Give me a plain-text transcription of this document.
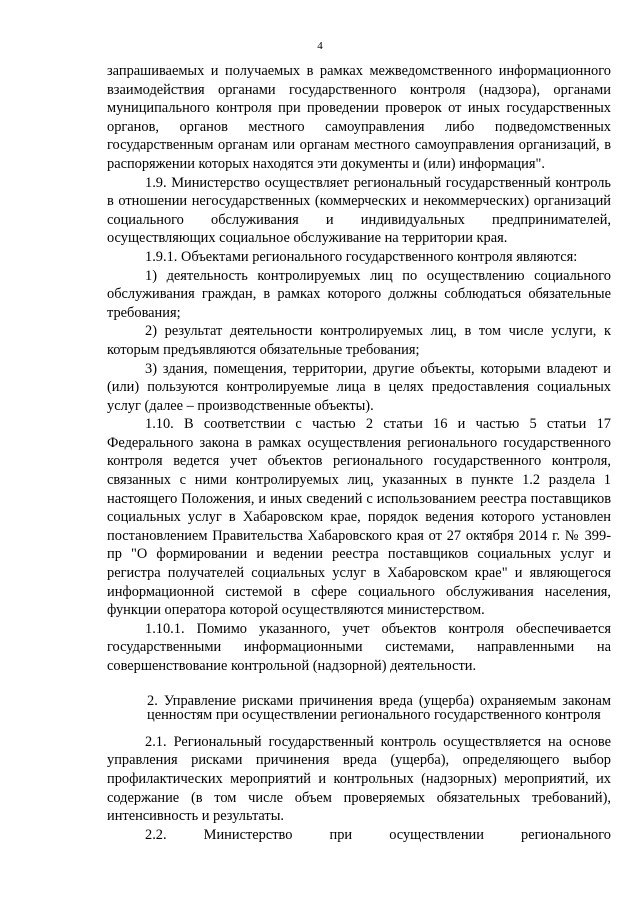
4

запрашиваемых и получаемых в рамках межведомственного информационного взаимодействия органами государственного контроля (надзора), органами муниципального контроля при проведении проверок от иных государственных органов, органов местного самоуправления либо подведомственных государственным органам или органам местного самоуправления организаций, в распоряжении которых находятся эти документы и (или) информация".

1.9. Министерство осуществляет региональный государственный контроль в отношении негосударственных (коммерческих и некоммерческих) организаций социального обслуживания и индивидуальных предпринимателей, осуществляющих социальное обслуживание на территории края.

1.9.1. Объектами регионального государственного контроля являются:

1) деятельность контролируемых лиц по осуществлению социального обслуживания граждан, в рамках которого должны соблюдаться обязательные требования;

2) результат деятельности контролируемых лиц, в том числе услуги, к которым предъявляются обязательные требования;

3) здания, помещения, территории, другие объекты, которыми владеют и (или) пользуются контролируемые лица в целях предоставления социальных услуг (далее – производственные объекты).

1.10. В соответствии с частью 2 статьи 16 и частью 5 статьи 17 Федерального закона в рамках осуществления регионального государственного контроля ведется учет объектов регионального государственного контроля, связанных с ними контролируемых лиц, указанных в пункте 1.2 раздела 1 настоящего Положения, и иных сведений с использованием реестра поставщиков социальных услуг в Хабаровском крае, порядок ведения которого установлен постановлением Правительства Хабаровского края от 27 октября 2014 г. № 399-пр "О формировании и ведении реестра поставщиков социальных услуг и регистра получателей социальных услуг в Хабаровском крае" и являющегося информационной системой в сфере социального обслуживания населения, функции оператора которой осуществляются министерством.

1.10.1. Помимо указанного, учет объектов контроля обеспечивается государственными информационными системами, направленными на совершенствование контрольной (надзорной) деятельности.

2. Управление рисками причинения вреда (ущерба) охраняемым законам ценностям при осуществлении регионального государственного контроля

2.1. Региональный государственный контроль осуществляется на основе управления рисками причинения вреда (ущерба), определяющего выбор профилактических мероприятий и контрольных (надзорных) мероприятий, их содержание (в том числе объем проверяемых обязательных требований), интенсивность и результаты.

2.2. Министерство при осуществлении регионального
